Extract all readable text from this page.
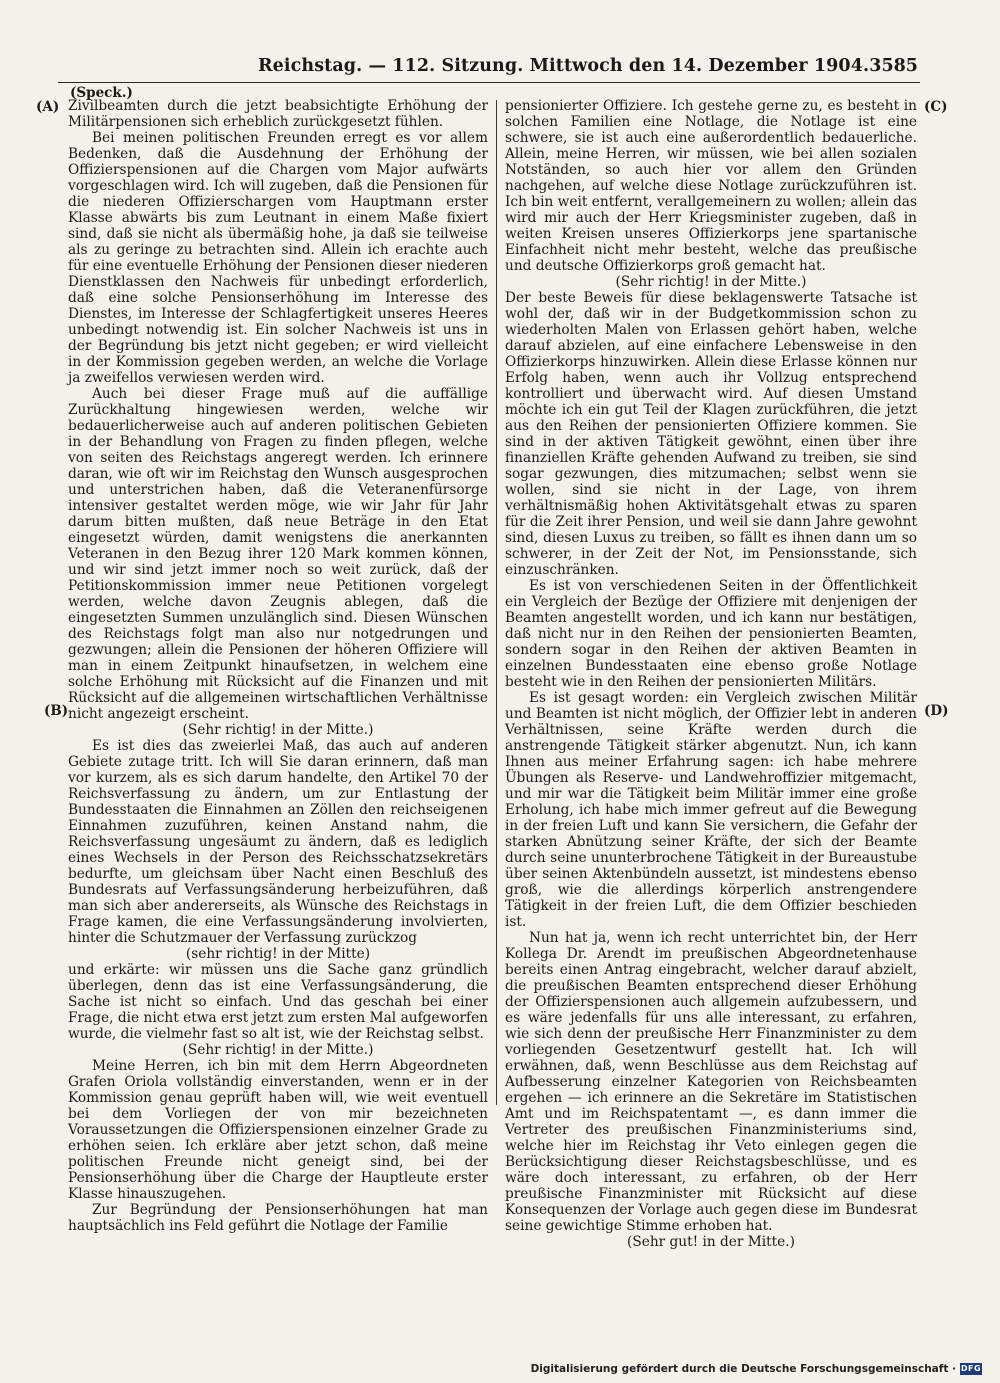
Reichstag. — 112. Sitzung. Mittwoch den 14. Dezember 1904. 3585
(Speck.)
(A)
(B)
(C)
(D)

Zivilbeamten durch die jetzt beabsichtigte Erhöhung der Militärpensionen sich erheblich zurückgesetzt fühlen.

Bei meinen politischen Freunden erregt es vor allem Bedenken, daß die Ausdehnung der Erhöhung der Offizierspensionen auf die Chargen vom Major aufwärts vorgeschlagen wird. Ich will zugeben, daß die Pensionen für die niederen Offizierschargen vom Hauptmann erster Klasse abwärts bis zum Leutnant in einem Maße fixiert sind, daß sie nicht als übermäßig hohe, ja daß sie teilweise als zu geringe zu betrachten sind. Allein ich erachte auch für eine eventuelle Erhöhung der Pensionen dieser niederen Dienstklassen den Nachweis für unbedingt erforderlich, daß eine solche Pensionserhöhung im Interesse des Dienstes, im Interesse der Schlagfertigkeit unseres Heeres unbedingt notwendig ist. Ein solcher Nachweis ist uns in der Begründung bis jetzt nicht gegeben; er wird vielleicht in der Kommission gegeben werden, an welche die Vorlage ja zweifellos verwiesen werden wird.

Auch bei dieser Frage muß auf die auffällige Zurückhaltung hingewiesen werden, welche wir bedauerlicherweise auch auf anderen politischen Gebieten in der Behandlung von Fragen zu finden pflegen, welche von seiten des Reichstags angeregt werden. Ich erinnere daran, wie oft wir im Reichstag den Wunsch ausgesprochen und unterstrichen haben, daß die Veteranenfürsorge intensiver gestaltet werden möge, wie wir Jahr für Jahr darum bitten mußten, daß neue Beträge in den Etat eingesetzt würden, damit wenigstens die anerkannten Veteranen in den Bezug ihrer 120 Mark kommen können, und wir sind jetzt immer noch so weit zurück, daß der Petitionskommission immer neue Petitionen vorgelegt werden, welche davon Zeugnis ablegen, daß die eingesetzten Summen unzulänglich sind. Diesen Wünschen des Reichstags folgt man also nur notgedrungen und gezwungen; allein die Pensionen der höheren Offiziere will man in einem Zeitpunkt hinaufsetzen, in welchem eine solche Erhöhung mit Rücksicht auf die Finanzen und mit Rücksicht auf die allgemeinen wirtschaftlichen Verhältnisse nicht angezeigt erscheint.

(Sehr richtig! in der Mitte.)

Es ist dies das zweierlei Maß, das auch auf anderen Gebiete zutage tritt. Ich will Sie daran erinnern, daß man vor kurzem, als es sich darum handelte, den Artikel 70 der Reichsverfassung zu ändern, um zur Entlastung der Bundesstaaten die Einnahmen an Zöllen den reichseigenen Einnahmen zuzuführen, keinen Anstand nahm, die Reichsverfassung ungesäumt zu ändern, daß es lediglich eines Wechsels in der Person des Reichsschatzsekretärs bedurfte, um gleichsam über Nacht einen Beschluß des Bundesrats auf Verfassungsänderung herbeizuführen, daß man sich aber andererseits, als Wünsche des Reichstags in Frage kamen, die eine Verfassungsänderung involvierten, hinter die Schutzmauer der Verfassung zurückzog

(sehr richtig! in der Mitte)

und erkärte: wir müssen uns die Sache ganz gründlich überlegen, denn das ist eine Verfassungsänderung, die Sache ist nicht so einfach. Und das geschah bei einer Frage, die nicht etwa erst jetzt zum ersten Mal aufgeworfen wurde, die vielmehr fast so alt ist, wie der Reichstag selbst.

(Sehr richtig! in der Mitte.)

Meine Herren, ich bin mit dem Herrn Abgeordneten Grafen Oriola vollständig einverstanden, wenn er in der Kommission genau geprüft haben will, wie weit eventuell bei dem Vorliegen der von mir bezeichneten Voraussetzungen die Offizierspensionen einzelner Grade zu erhöhen seien. Ich erkläre aber jetzt schon, daß meine politischen Freunde nicht geneigt sind, bei der Pensionserhöhung über die Charge der Hauptleute erster Klasse hinauszugehen.

Zur Begründung der Pensionserhöhungen hat man hauptsächlich ins Feld geführt die Notlage der Familie

pensionierter Offiziere. Ich gestehe gerne zu, es besteht in solchen Familien eine Notlage, die Notlage ist eine schwere, sie ist auch eine außerordentlich bedauerliche. Allein, meine Herren, wir müssen, wie bei allen sozialen Notständen, so auch hier vor allem den Gründen nachgehen, auf welche diese Notlage zurückzuführen ist. Ich bin weit entfernt, verallgemeinern zu wollen; allein das wird mir auch der Herr Kriegsminister zugeben, daß in weiten Kreisen unseres Offizierkorps jene spartanische Einfachheit nicht mehr besteht, welche das preußische und deutsche Offizierkorps groß gemacht hat.

(Sehr richtig! in der Mitte.)

Der beste Beweis für diese beklagenswerte Tatsache ist wohl der, daß wir in der Budgetkommission schon zu wiederholten Malen von Erlassen gehört haben, welche darauf abzielen, auf eine einfachere Lebensweise in den Offizierkorps hinzuwirken. Allein diese Erlasse können nur Erfolg haben, wenn auch ihr Vollzug entsprechend kontrolliert und überwacht wird. Auf diesen Umstand möchte ich ein gut Teil der Klagen zurückführen, die jetzt aus den Reihen der pensionierten Offiziere kommen. Sie sind in der aktiven Tätigkeit gewöhnt, einen über ihre finanziellen Kräfte gehenden Aufwand zu treiben, sie sind sogar gezwungen, dies mitzumachen; selbst wenn sie wollen, sind sie nicht in der Lage, von ihrem verhältnismäßig hohen Aktivitätsgehalt etwas zu sparen für die Zeit ihrer Pension, und weil sie dann Jahre gewohnt sind, diesen Luxus zu treiben, so fällt es ihnen dann um so schwerer, in der Zeit der Not, im Pensionsstande, sich einzuschränken.

Es ist von verschiedenen Seiten in der Öffentlichkeit ein Vergleich der Bezüge der Offiziere mit denjenigen der Beamten angestellt worden, und ich kann nur bestätigen, daß nicht nur in den Reihen der pensionierten Beamten, sondern sogar in den Reihen der aktiven Beamten in einzelnen Bundesstaaten eine ebenso große Notlage besteht wie in den Reihen der pensionierten Militärs.

Es ist gesagt worden: ein Vergleich zwischen Militär und Beamten ist nicht möglich, der Offizier lebt in anderen Verhältnissen, seine Kräfte werden durch die anstrengende Tätigkeit stärker abgenutzt. Nun, ich kann Ihnen aus meiner Erfahrung sagen: ich habe mehrere Übungen als Reserve- und Landwehroffizier mitgemacht, und mir war die Tätigkeit beim Militär immer eine große Erholung, ich habe mich immer gefreut auf die Bewegung in der freien Luft und kann Sie versichern, die Gefahr der starken Abnützung seiner Kräfte, der sich der Beamte durch seine ununterbrochene Tätigkeit in der Bureaustube über seinen Aktenbündeln aussetzt, ist mindestens ebenso groß, wie die allerdings körperlich anstrengendere Tätigkeit in der freien Luft, die dem Offizier beschieden ist.

Nun hat ja, wenn ich recht unterrichtet bin, der Herr Kollega Dr. Arendt im preußischen Abgeordnetenhause bereits einen Antrag eingebracht, welcher darauf abzielt, die preußischen Beamten entsprechend dieser Erhöhung der Offizierspensionen auch allgemein aufzubessern, und es wäre jedenfalls für uns alle interessant, zu erfahren, wie sich denn der preußische Herr Finanzminister zu dem vorliegenden Gesetzentwurf gestellt hat. Ich will erwähnen, daß, wenn Beschlüsse aus dem Reichstag auf Aufbesserung einzelner Kategorien von Reichsbeamten ergehen — ich erinnere an die Sekretäre im Statistischen Amt und im Reichspatentamt —, es dann immer die Vertreter des preußischen Finanzministeriums sind, welche hier im Reichstag ihr Veto einlegen gegen die Berücksichtigung dieser Reichstagsbeschlüsse, und es wäre doch interessant, zu erfahren, ob der Herr preußische Finanzminister mit Rücksicht auf diese Konsequenzen der Vorlage auch gegen diese im Bundesrat seine gewichtige Stimme erhoben hat.

(Sehr gut! in der Mitte.)

Digitalisierung gefördert durch die Deutsche Forschungsgemeinschaft · DFG
